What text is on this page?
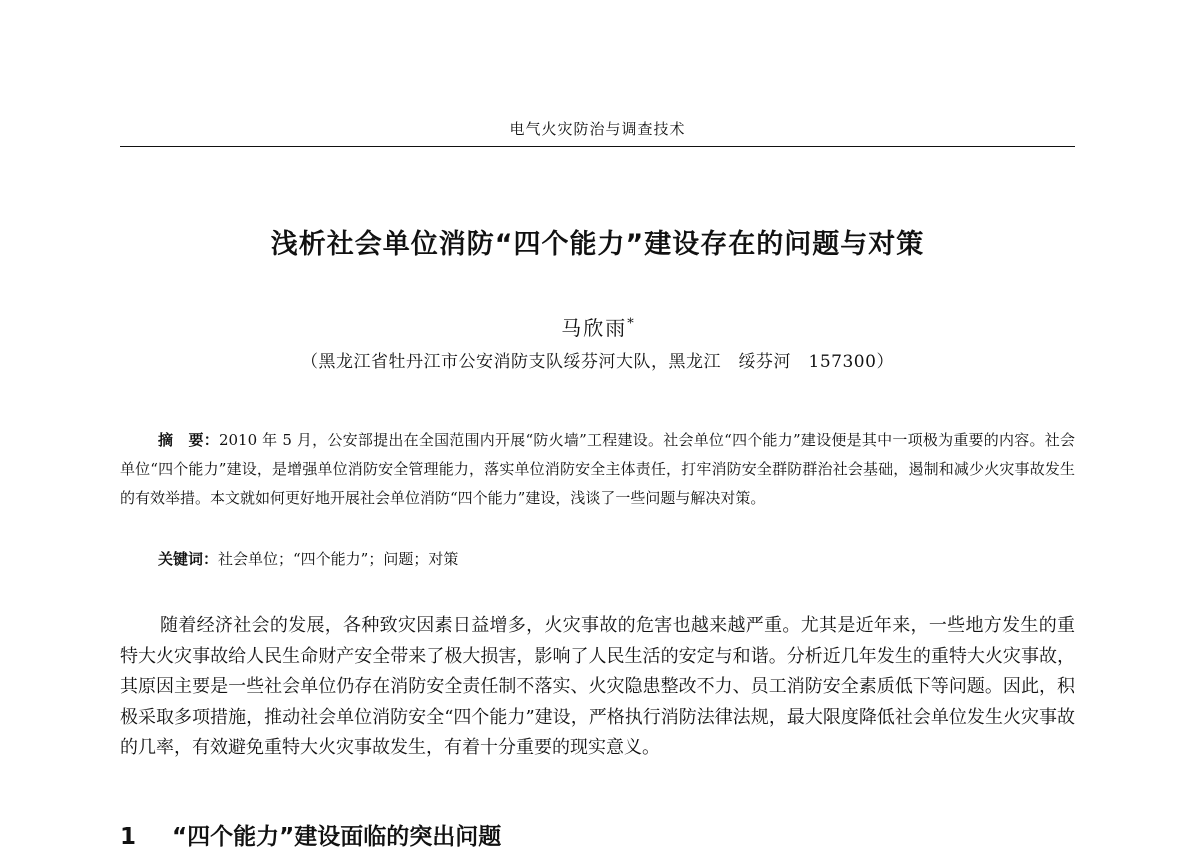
电气火灾防治与调查技术
浅析社会单位消防“四个能力”建设存在的问题与对策
马欣雨*
（黑龙江省牡丹江市公安消防支队绥芬河大队，黑龙江　绥芬河　157300）
摘　要：2010 年 5 月，公安部提出在全国范围内开展“防火墙”工程建设。社会单位“四个能力”建设便是其中一项极为重要的内容。社会单位“四个能力”建设，是增强单位消防安全管理能力，落实单位消防安全主体责任，打牢消防安全群防群治社会基础，遏制和减少火灾事故发生的有效举措。本文就如何更好地开展社会单位消防“四个能力”建设，浅谈了一些问题与解决对策。
关键词：社会单位；“四个能力”；问题；对策
随着经济社会的发展，各种致灾因素日益增多，火灾事故的危害也越来越严重。尤其是近年来，一些地方发生的重特大火灾事故给人民生命财产安全带来了极大损害，影响了人民生活的安定与和谐。分析近几年发生的重特大火灾事故，其原因主要是一些社会单位仍存在消防安全责任制不落实、火灾隐患整改不力、员工消防安全素质低下等问题。因此，积极采取多项措施，推动社会单位消防安全“四个能力”建设，严格执行消防法律法规，最大限度降低社会单位发生火灾事故的几率，有效避免重特大火灾事故发生，有着十分重要的现实意义。
1 “四个能力”建设面临的突出问题
